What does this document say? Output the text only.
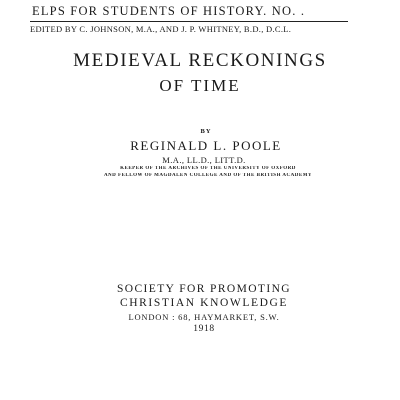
ELPS FOR STUDENTS OF HISTORY. NO. .
EDITED BY C. JOHNSON, M.A., AND J. P. WHITNEY, B.D., D.C.L.
MEDIEVAL RECKONINGS
OF TIME
BY
REGINALD L. POOLE
M.A., LL.D., LITT.D.
KEEPER OF THE ARCHIVES OF THE UNIVERSITY OF OXFORD
AND FELLOW OF MAGDALEN COLLEGE AND OF THE BRITISH ACADEMY
SOCIETY FOR PROMOTING
CHRISTIAN KNOWLEDGE
LONDON : 68, HAYMARKET, S.W.
1918
